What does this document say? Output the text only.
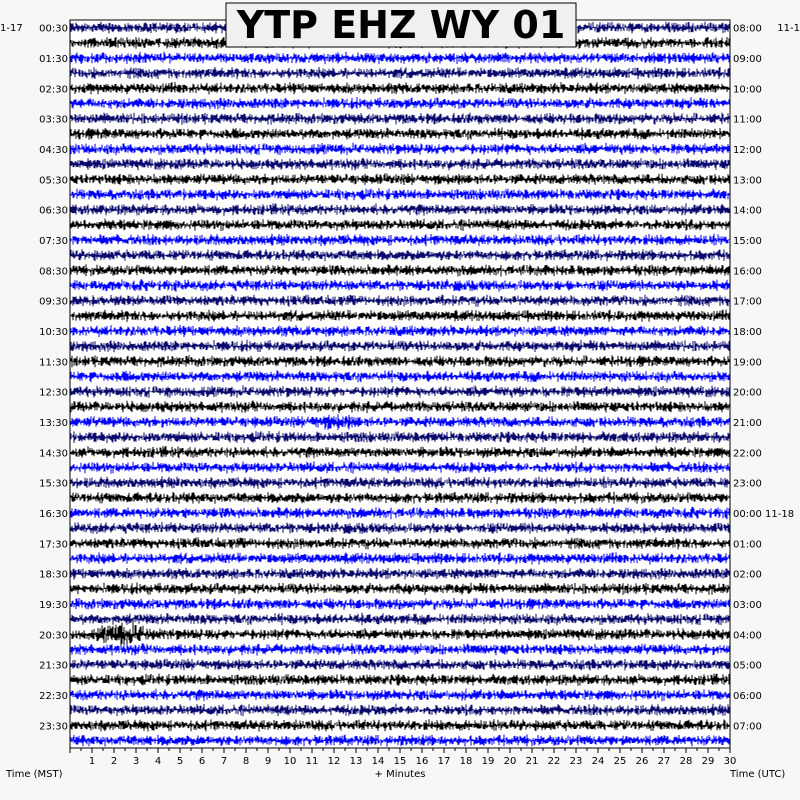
1 2 3 4 5 6 7 8 9 10 11 12 13 14 15 16 17 18 19 20 21 22 23 24 25 26 27 28 29 30
00:30
01:30
02:30
03:30
04:30
05:30
06:30
07:30
08:30
09:30
10:30
11:30
12:30
13:30
14:30
15:30
16:30
17:30
18:30
19:30
20:30
21:30
22:30
23:30
08:00
09:00
10:00
11:00
12:00
13:00
14:00
15:00
16:00
17:00
18:00
19:00
20:00
21:00
22:00
23:00
00:00 11-18
01:00
02:00
03:00
04:00
05:00
06:00
07:00
1-17	11-1
YTP EHZ WY 01
Time (MST)	+ Minutes	Time (UTC)
